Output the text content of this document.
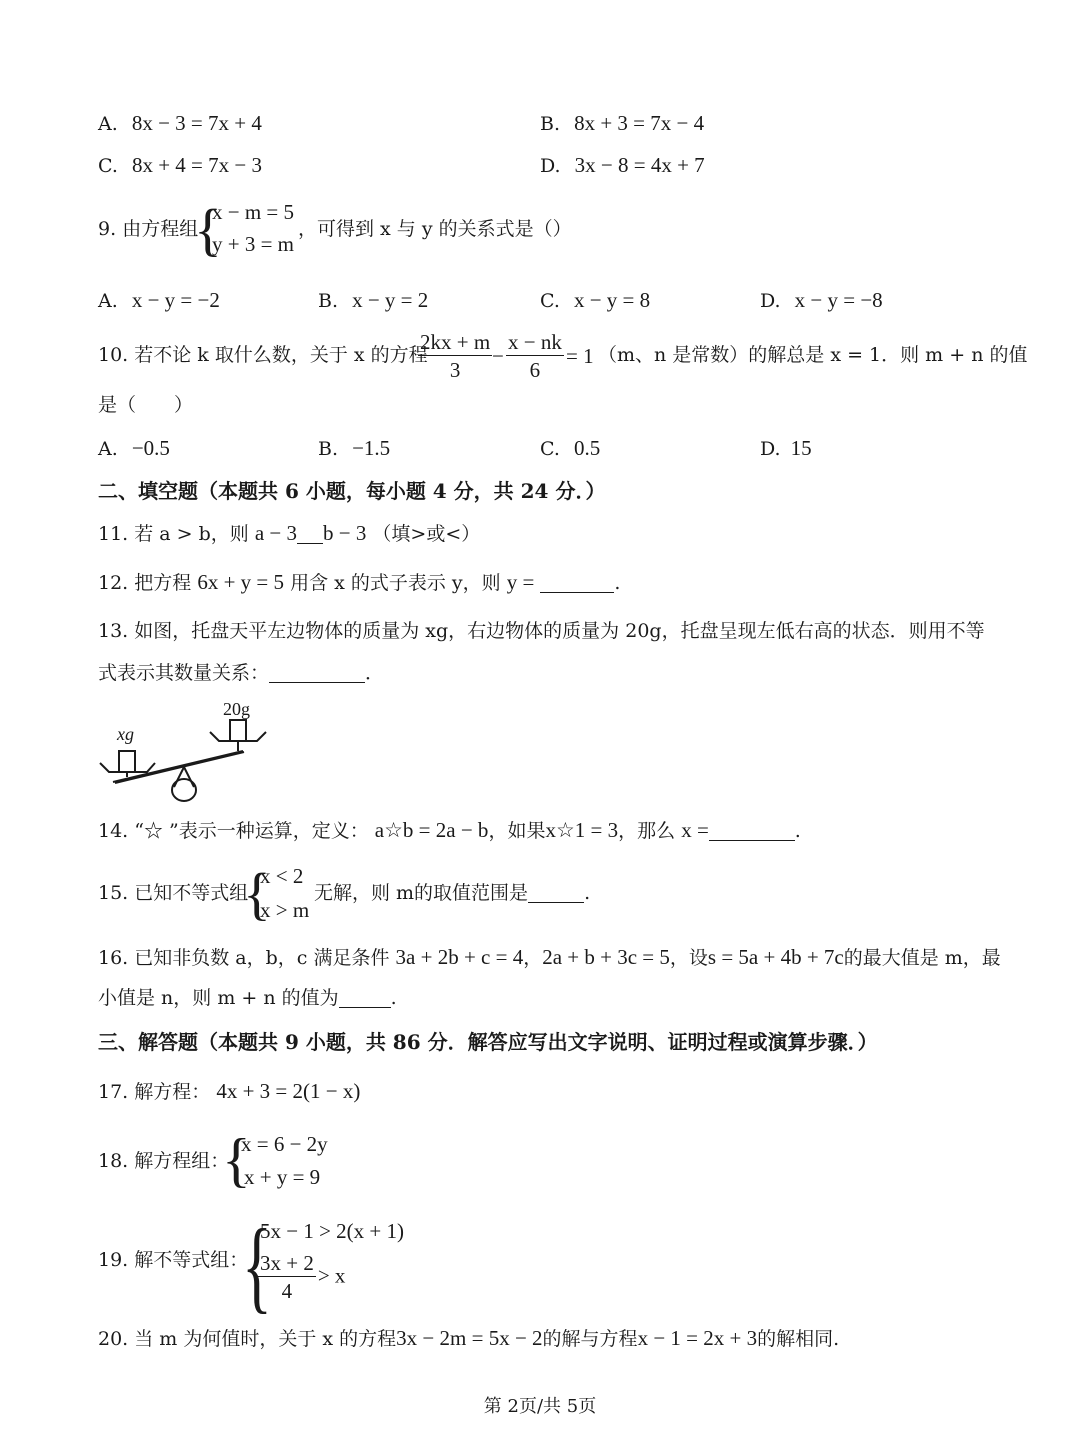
A. 8x − 3 = 7x + 4	B. 8x + 3 = 7x − 4
C. 8x + 4 = 7x − 3	D. 3x − 8 = 4x + 7
9. 由方程组
{
x − m = 5
y + 3 = m
，可得到 x 与 y 的关系式是（）
A. x − y = −2	B. x − y = 2	C. x − y = 8	D. x − y = −8
10. 若不论 k 取什么数，关于 x 的方程
$\frac{2kx + m}{3} - \frac{x - nk}{6} = 1$ （m、n 是常数）的解总是 x = 1．则 m + n 的值
是（　　）
A. −0.5	B. −1.5	C. 0.5	D. 15
二、填空题（本题共 6 小题，每小题 4 分，共 24 分．）
11. 若 a > b，则 a − 3 b − 3 （填>或<）
12. 把方程 6x + y = 5 用含 x 的式子表示 y，则 y =	.
13. 如图，托盘天平左边物体的质量为 xg，右边物体的质量为 20g，托盘呈现左低右高的状态．则用不等
式表示其数量关系：	．
xg
20g
14. “☆ ”表示一种运算，定义： a☆b = 2a − b，如果x☆1 = 3，那么 x =	.
15. 已知不等式组
{
x < 2
x > m
无解，则 m的取值范围是	.
16. 已知非负数 a，b，c 满足条件 3a + 2b + c = 4，2a + b + 3c = 5，设s = 5a + 4b + 7c的最大值是 m，最
小值是 n，则 m + n 的值为	.
三、解答题（本题共 9 小题，共 86 分．解答应写出文字说明、证明过程或演算步骤．）
17. 解方程： 4x + 3 = 2(1 − x)
18. 解方程组：
{
x = 6 − 2y
x + y = 9
19. 解不等式组：
{
5x − 1 > 2(x + 1)
$\frac{3x + 2}{4} > x$
20. 当 m 为何值时，关于 x 的方程3x − 2m = 5x − 2的解与方程x − 1 = 2x + 3的解相同.
第 2页/共 5页
